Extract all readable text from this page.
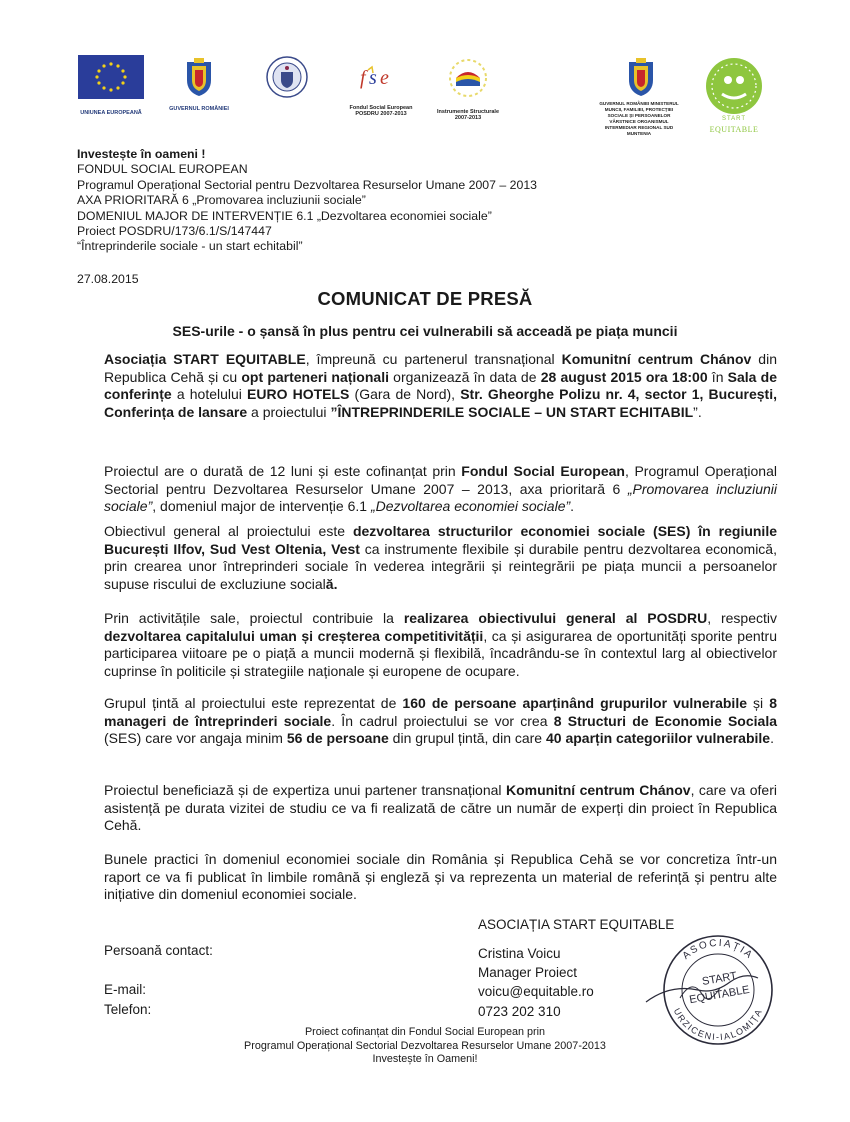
UNIUNEA EUROPEANĂ
GUVERNUL ROMÂNIEI
f s e
Fondul Social European
POSDRU 2007-2013	Instrumente Structurale
2007-2013
GUVERNUL ROMÂNIEI MINISTERUL MUNCII, FAMILIEI, PROTECȚIEI SOCIALE ȘI PERSOANELOR VÂRSTNICE ORGANISMUL INTERMEDIAR REGIONAL SUD MUNTENIA
START
EQUITABLE
Investește în oameni !
FONDUL SOCIAL EUROPEAN
Programul Operațional Sectorial pentru Dezvoltarea Resurselor Umane 2007 – 2013
AXA PRIORITARĂ 6 „Promovarea incluziunii sociale”
DOMENIUL MAJOR DE INTERVENȚIE 6.1 „Dezvoltarea economiei sociale”
Proiect POSDRU/173/6.1/S/147447
“Întreprinderile sociale - un start echitabil”
27.08.2015
COMUNICAT DE PRESĂ
SES-urile - o șansă în plus pentru cei vulnerabili să acceadă pe piața muncii
Asociația START EQUITABLE, împreună cu partenerul transnațional Komunitní centrum Chánov din Republica Cehă și cu opt parteneri naționali organizează în data de 28 august 2015 ora 18:00 în Sala de conferințe a hotelului EURO HOTELS (Gara de Nord), Str. Gheorghe Polizu nr. 4, sector 1, București, Conferința de lansare a proiectului ”ÎNTREPRINDERILE SOCIALE – UN START ECHITABIL”.
Proiectul are o durată de 12 luni și este cofinanțat prin Fondul Social European, Programul Operațional Sectorial pentru Dezvoltarea Resurselor Umane 2007 – 2013, axa prioritară 6 „Promovarea incluziunii sociale”, domeniul major de intervenție 6.1 „Dezvoltarea economiei sociale”.
Obiectivul general al proiectului este dezvoltarea structurilor economiei sociale (SES) în regiunile București Ilfov, Sud Vest Oltenia, Vest ca instrumente flexibile și durabile pentru dezvoltarea economică, prin crearea unor întreprinderi sociale în vederea integrării și reintegrării pe piața muncii a persoanelor supuse riscului de excluziune socială.
Prin activitățile sale, proiectul contribuie la realizarea obiectivului general al POSDRU, respectiv dezvoltarea capitalului uman și creșterea competitivității, ca și asigurarea de oportunități sporite pentru participarea viitoare pe o piață a muncii modernă și flexibilă, încadrându-se în contextul larg al obiectivelor cuprinse în politicile și strategiile naționale și europene de ocupare.
Grupul țintă al proiectului este reprezentat de 160 de persoane aparținând grupurilor vulnerabile și 8 manageri de întreprinderi sociale. În cadrul proiectului se vor crea 8 Structuri de Economie Sociala (SES) care vor angaja minim 56 de persoane din grupul țintă, din care 40 aparțin categoriilor vulnerabile.
Proiectul beneficiază și de expertiza unui partener transnațional Komunitní centrum Chánov, care va oferi asistență pe durata vizitei de studiu ce va fi realizată de către un număr de experți din proiect în Republica Cehă.
Bunele practici în domeniul economiei sociale din România și Republica Cehă se vor concretiza într-un raport ce va fi publicat în limbile română și engleză și va reprezenta un material de referință și pentru alte inițiative din domeniul economiei sociale.
ASOCIAȚIA START EQUITABLE
Persoană contact:
E-mail:
Telefon:
Cristina Voicu
Manager Proiect
voicu@equitable.ro
0723 202 310
ASOCIAȚIA
URZICENI-IALOMIȚA
START
EQUITABLE
Proiect cofinanțat din Fondul Social European prin
Programul Operațional Sectorial Dezvoltarea Resurselor Umane 2007-2013
Investește în Oameni!
